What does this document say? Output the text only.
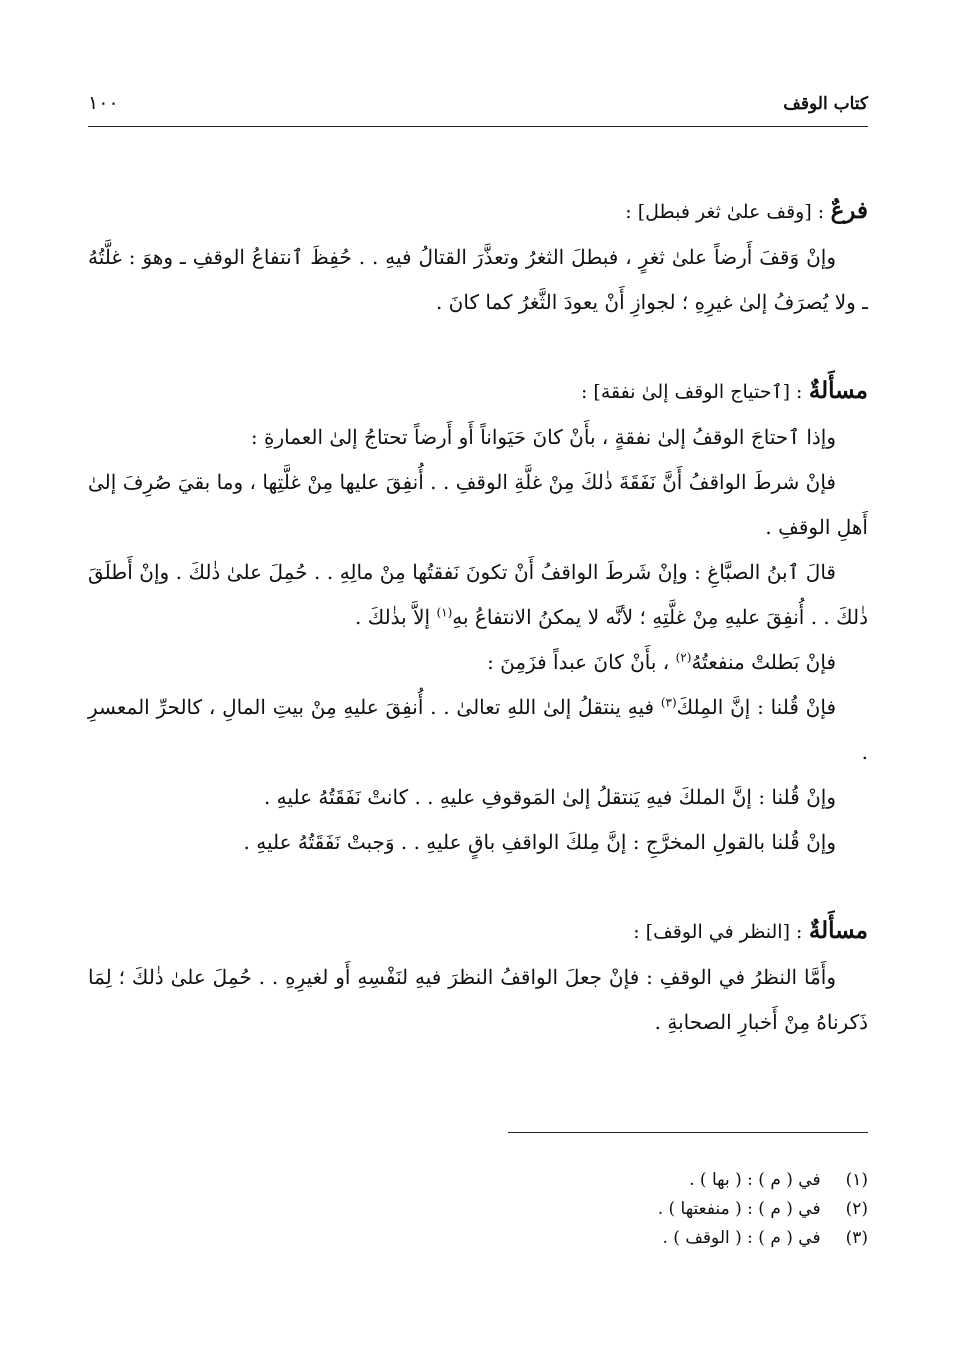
كتاب الوقف
١٠٠
فرعٌ : [وقف علىٰ ثغر فبطل] :

وإنْ وَقفَ أَرضاً علىٰ ثغرٍ ، فبطلَ الثغرُ وتعذَّرَ القتالُ فيهِ . . حُفِظَ ٱنتفاعُ الوقفِ ـ وهوَ : غلَّتُهُ ـ ولا يُصرَفُ إلىٰ غيرِهِ ؛ لجوازِ أَنْ يعودَ الثَّغرُ كما كانَ .

مسأَلةٌ : [ٱحتياج الوقف إلىٰ نفقة] :

وإذا ٱحتاجَ الوقفُ إلىٰ نفقةٍ ، بأَنْ كانَ حَيَواناً أَو أَرضاً تحتاجُ إلىٰ العمارةِ :

فإنْ شرطَ الواقفُ أَنَّ نَفَقَةَ ذٰلكَ مِنْ غلَّةِ الوقفِ . . أُنفِقَ عليها مِنْ غلَّتِها ، وما بقيَ صُرِفَ إلىٰ أَهلِ الوقفِ .

قالَ ٱبنُ الصبَّاغِ : وإنْ شَرطَ الواقفُ أَنْ تكونَ نَفقتُها مِنْ مالِهِ . . حُمِلَ علىٰ ذٰلكَ . وإنْ أَطلَقَ ذٰلكَ . . أُنفِقَ عليهِ مِنْ غلَّتِهِ ؛ لأنَّه لا يمكنُ الانتفاعُ بهِ$^{(١)}$ إلاَّ بذٰلكَ .

فإنْ بَطلتْ منفعتُهُ$^{(٢)}$ ، بأَنْ كانَ عبداً فزَمِنَ :

فإنْ قُلنا : إنَّ المِلكَ$^{(٣)}$ فيهِ ينتقلُ إلىٰ اللهِ تعالىٰ . . أُنفِقَ عليهِ مِنْ بيتِ المالِ ، كالحرِّ المعسرِ .

وإنْ قُلنا : إنَّ الملكَ فيهِ يَنتقلُ إلىٰ المَوقوفِ عليهِ . . كانتْ نَفَقَتُهُ عليهِ .

وإنْ قُلنا بالقولِ المخرَّجِ : إنَّ مِلكَ الواقفِ باقٍ عليهِ . . وَجبتْ نَفَقَتُهُ عليهِ .

مسأَلةٌ : [النظر في الوقف] :

وأَمَّا النظرُ في الوقفِ : فإنْ جعلَ الواقفُ النظرَ فيهِ لنَفْسِهِ أَو لغيرِهِ . . حُمِلَ علىٰ ذٰلكَ ؛ لِمَا ذَكرناهُ مِنْ أَخبارِ الصحابةِ .

(١) في ( م ) : ( بها ) .
(٢) في ( م ) : ( منفعتها ) .
(٣) في ( م ) : ( الوقف ) .
